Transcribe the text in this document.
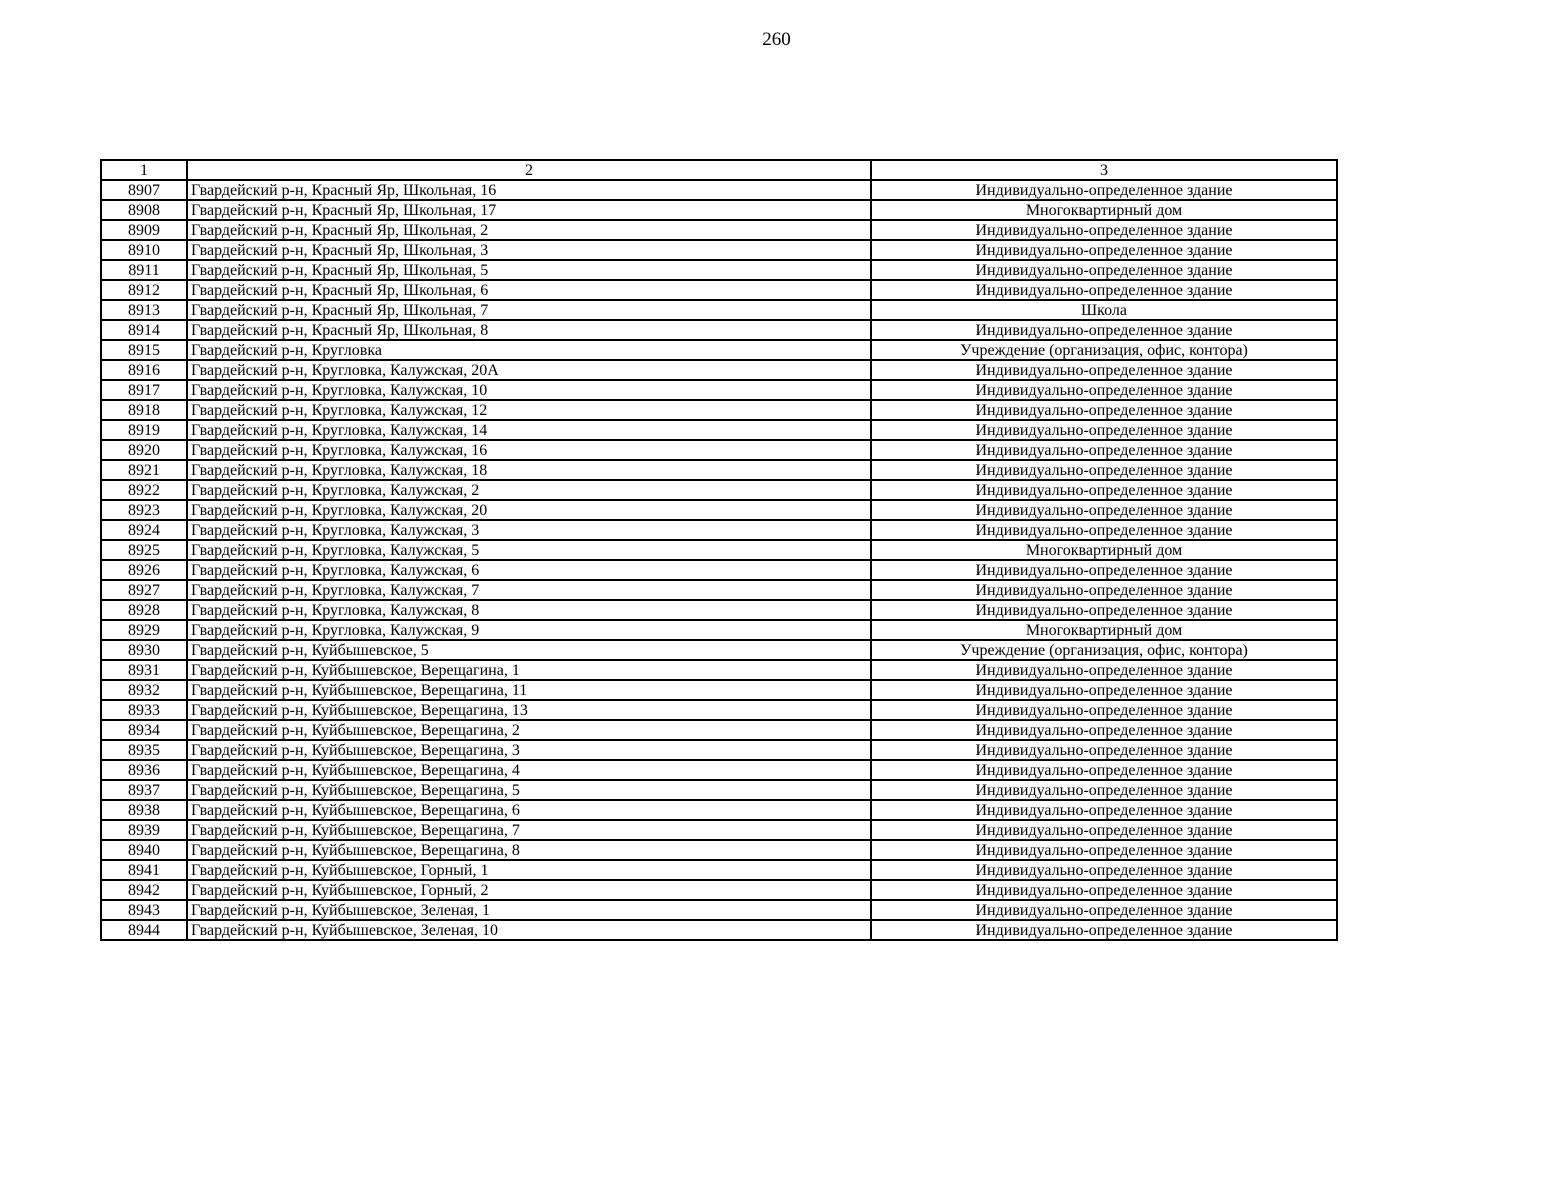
260
1	2	3
8907	Гвардейский р-н, Красный Яр, Школьная, 16	Индивидуально-определенное здание
8908	Гвардейский р-н, Красный Яр, Школьная, 17	Многоквартирный дом
8909	Гвардейский р-н, Красный Яр, Школьная, 2	Индивидуально-определенное здание
8910	Гвардейский р-н, Красный Яр, Школьная, 3	Индивидуально-определенное здание
8911	Гвардейский р-н, Красный Яр, Школьная, 5	Индивидуально-определенное здание
8912	Гвардейский р-н, Красный Яр, Школьная, 6	Индивидуально-определенное здание
8913	Гвардейский р-н, Красный Яр, Школьная, 7	Школа
8914	Гвардейский р-н, Красный Яр, Школьная, 8	Индивидуально-определенное здание
8915	Гвардейский р-н, Кругловка	Учреждение (организация, офис, контора)
8916	Гвардейский р-н, Кругловка, Калужская, 20А	Индивидуально-определенное здание
8917	Гвардейский р-н, Кругловка, Калужская, 10	Индивидуально-определенное здание
8918	Гвардейский р-н, Кругловка, Калужская, 12	Индивидуально-определенное здание
8919	Гвардейский р-н, Кругловка, Калужская, 14	Индивидуально-определенное здание
8920	Гвардейский р-н, Кругловка, Калужская, 16	Индивидуально-определенное здание
8921	Гвардейский р-н, Кругловка, Калужская, 18	Индивидуально-определенное здание
8922	Гвардейский р-н, Кругловка, Калужская, 2	Индивидуально-определенное здание
8923	Гвардейский р-н, Кругловка, Калужская, 20	Индивидуально-определенное здание
8924	Гвардейский р-н, Кругловка, Калужская, 3	Индивидуально-определенное здание
8925	Гвардейский р-н, Кругловка, Калужская, 5	Многоквартирный дом
8926	Гвардейский р-н, Кругловка, Калужская, 6	Индивидуально-определенное здание
8927	Гвардейский р-н, Кругловка, Калужская, 7	Индивидуально-определенное здание
8928	Гвардейский р-н, Кругловка, Калужская, 8	Индивидуально-определенное здание
8929	Гвардейский р-н, Кругловка, Калужская, 9	Многоквартирный дом
8930	Гвардейский р-н, Куйбышевское, 5	Учреждение (организация, офис, контора)
8931	Гвардейский р-н, Куйбышевское, Верещагина, 1	Индивидуально-определенное здание
8932	Гвардейский р-н, Куйбышевское, Верещагина, 11	Индивидуально-определенное здание
8933	Гвардейский р-н, Куйбышевское, Верещагина, 13	Индивидуально-определенное здание
8934	Гвардейский р-н, Куйбышевское, Верещагина, 2	Индивидуально-определенное здание
8935	Гвардейский р-н, Куйбышевское, Верещагина, 3	Индивидуально-определенное здание
8936	Гвардейский р-н, Куйбышевское, Верещагина, 4	Индивидуально-определенное здание
8937	Гвардейский р-н, Куйбышевское, Верещагина, 5	Индивидуально-определенное здание
8938	Гвардейский р-н, Куйбышевское, Верещагина, 6	Индивидуально-определенное здание
8939	Гвардейский р-н, Куйбышевское, Верещагина, 7	Индивидуально-определенное здание
8940	Гвардейский р-н, Куйбышевское, Верещагина, 8	Индивидуально-определенное здание
8941	Гвардейский р-н, Куйбышевское, Горный, 1	Индивидуально-определенное здание
8942	Гвардейский р-н, Куйбышевское, Горный, 2	Индивидуально-определенное здание
8943	Гвардейский р-н, Куйбышевское, Зеленая, 1	Индивидуально-определенное здание
8944	Гвардейский р-н, Куйбышевское, Зеленая, 10	Индивидуально-определенное здание
